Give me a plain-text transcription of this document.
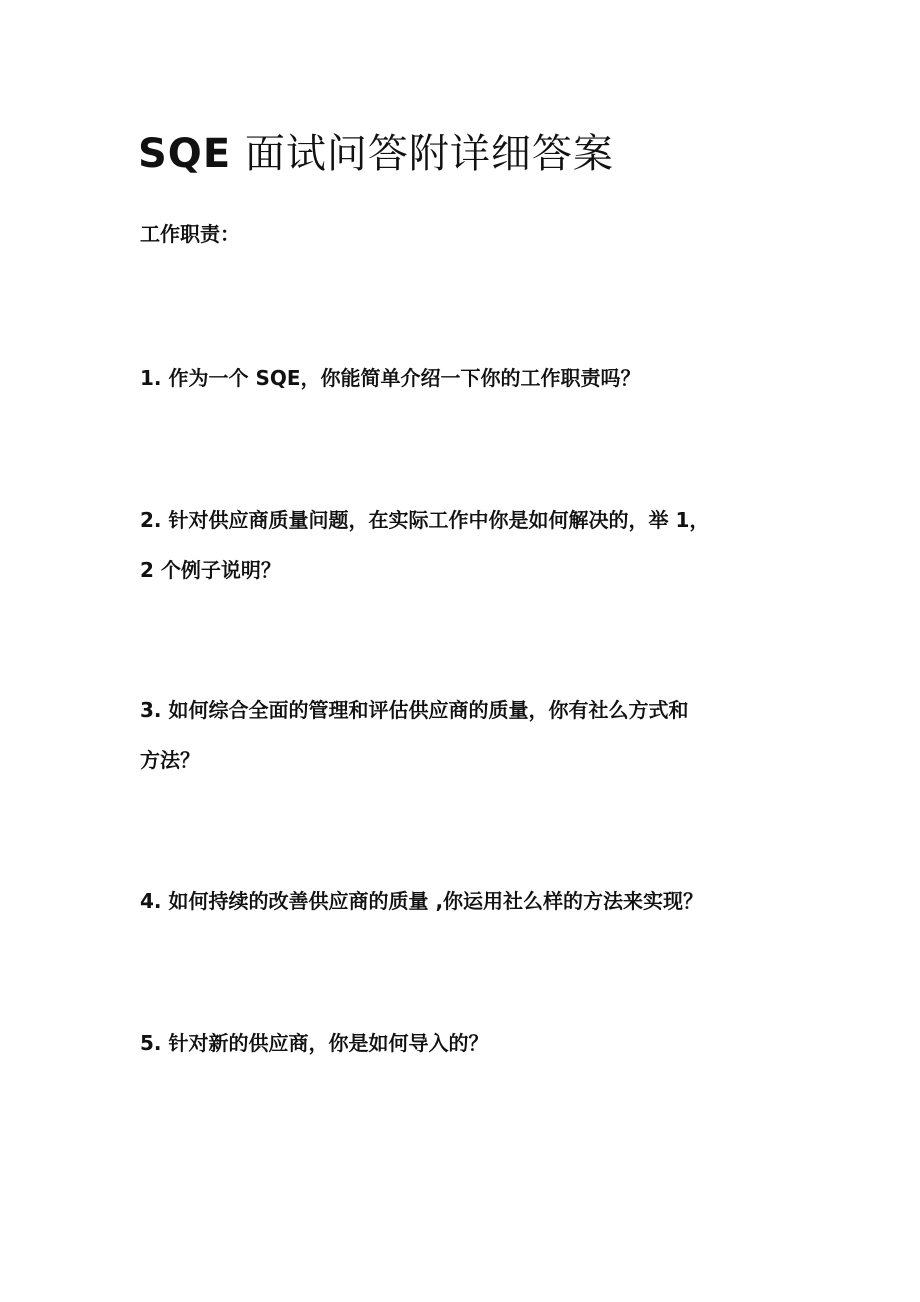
SQE 面试问答附详细答案

工作职责：

1. 作为一个 SQE，你能简单介绍一下你的工作职责吗？

2. 针对供应商质量问题，在实际工作中你是如何解决的，举 1，
2 个例子说明？

3. 如何综合全面的管理和评估供应商的质量，你有社么方式和
方法？

4. 如何持续的改善供应商的质量 ,你运用社么样的方法来实现？

5. 针对新的供应商，你是如何导入的？
